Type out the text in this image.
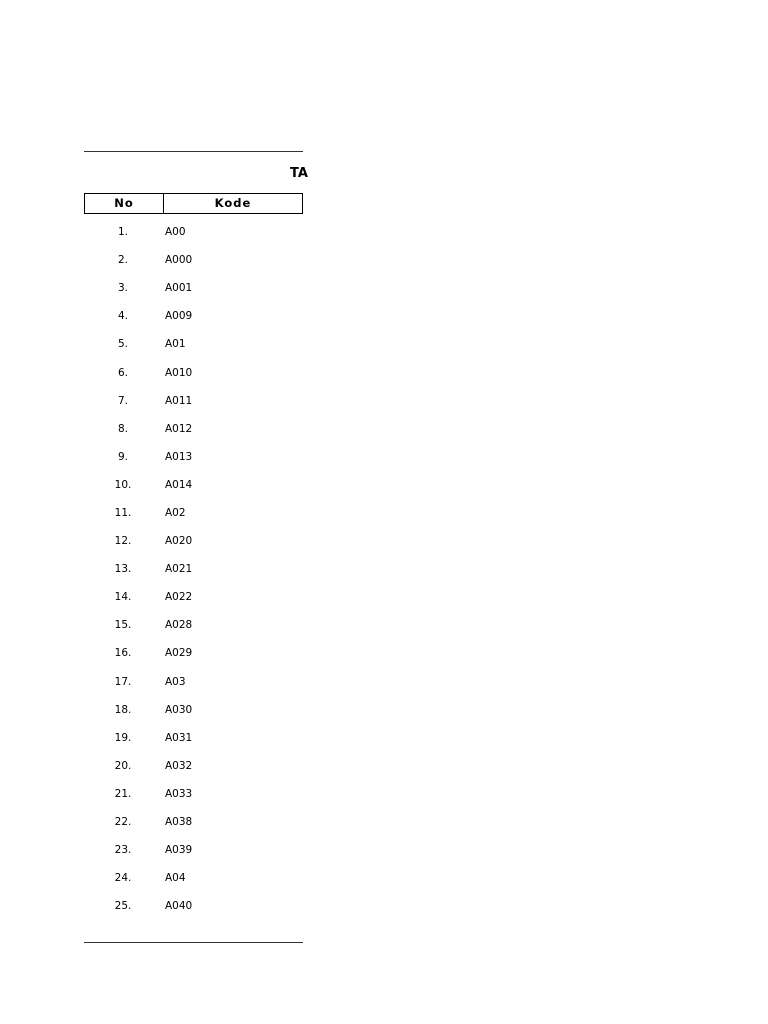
TA
No	Kode
1.	A00
2.	A000
3.	A001
4.	A009
5.	A01
6.	A010
7.	A011
8.	A012
9.	A013
10.	A014
11.	A02
12.	A020
13.	A021
14.	A022
15.	A028
16.	A029
17.	A03
18.	A030
19.	A031
20.	A032
21.	A033
22.	A038
23.	A039
24.	A04
25.	A040
